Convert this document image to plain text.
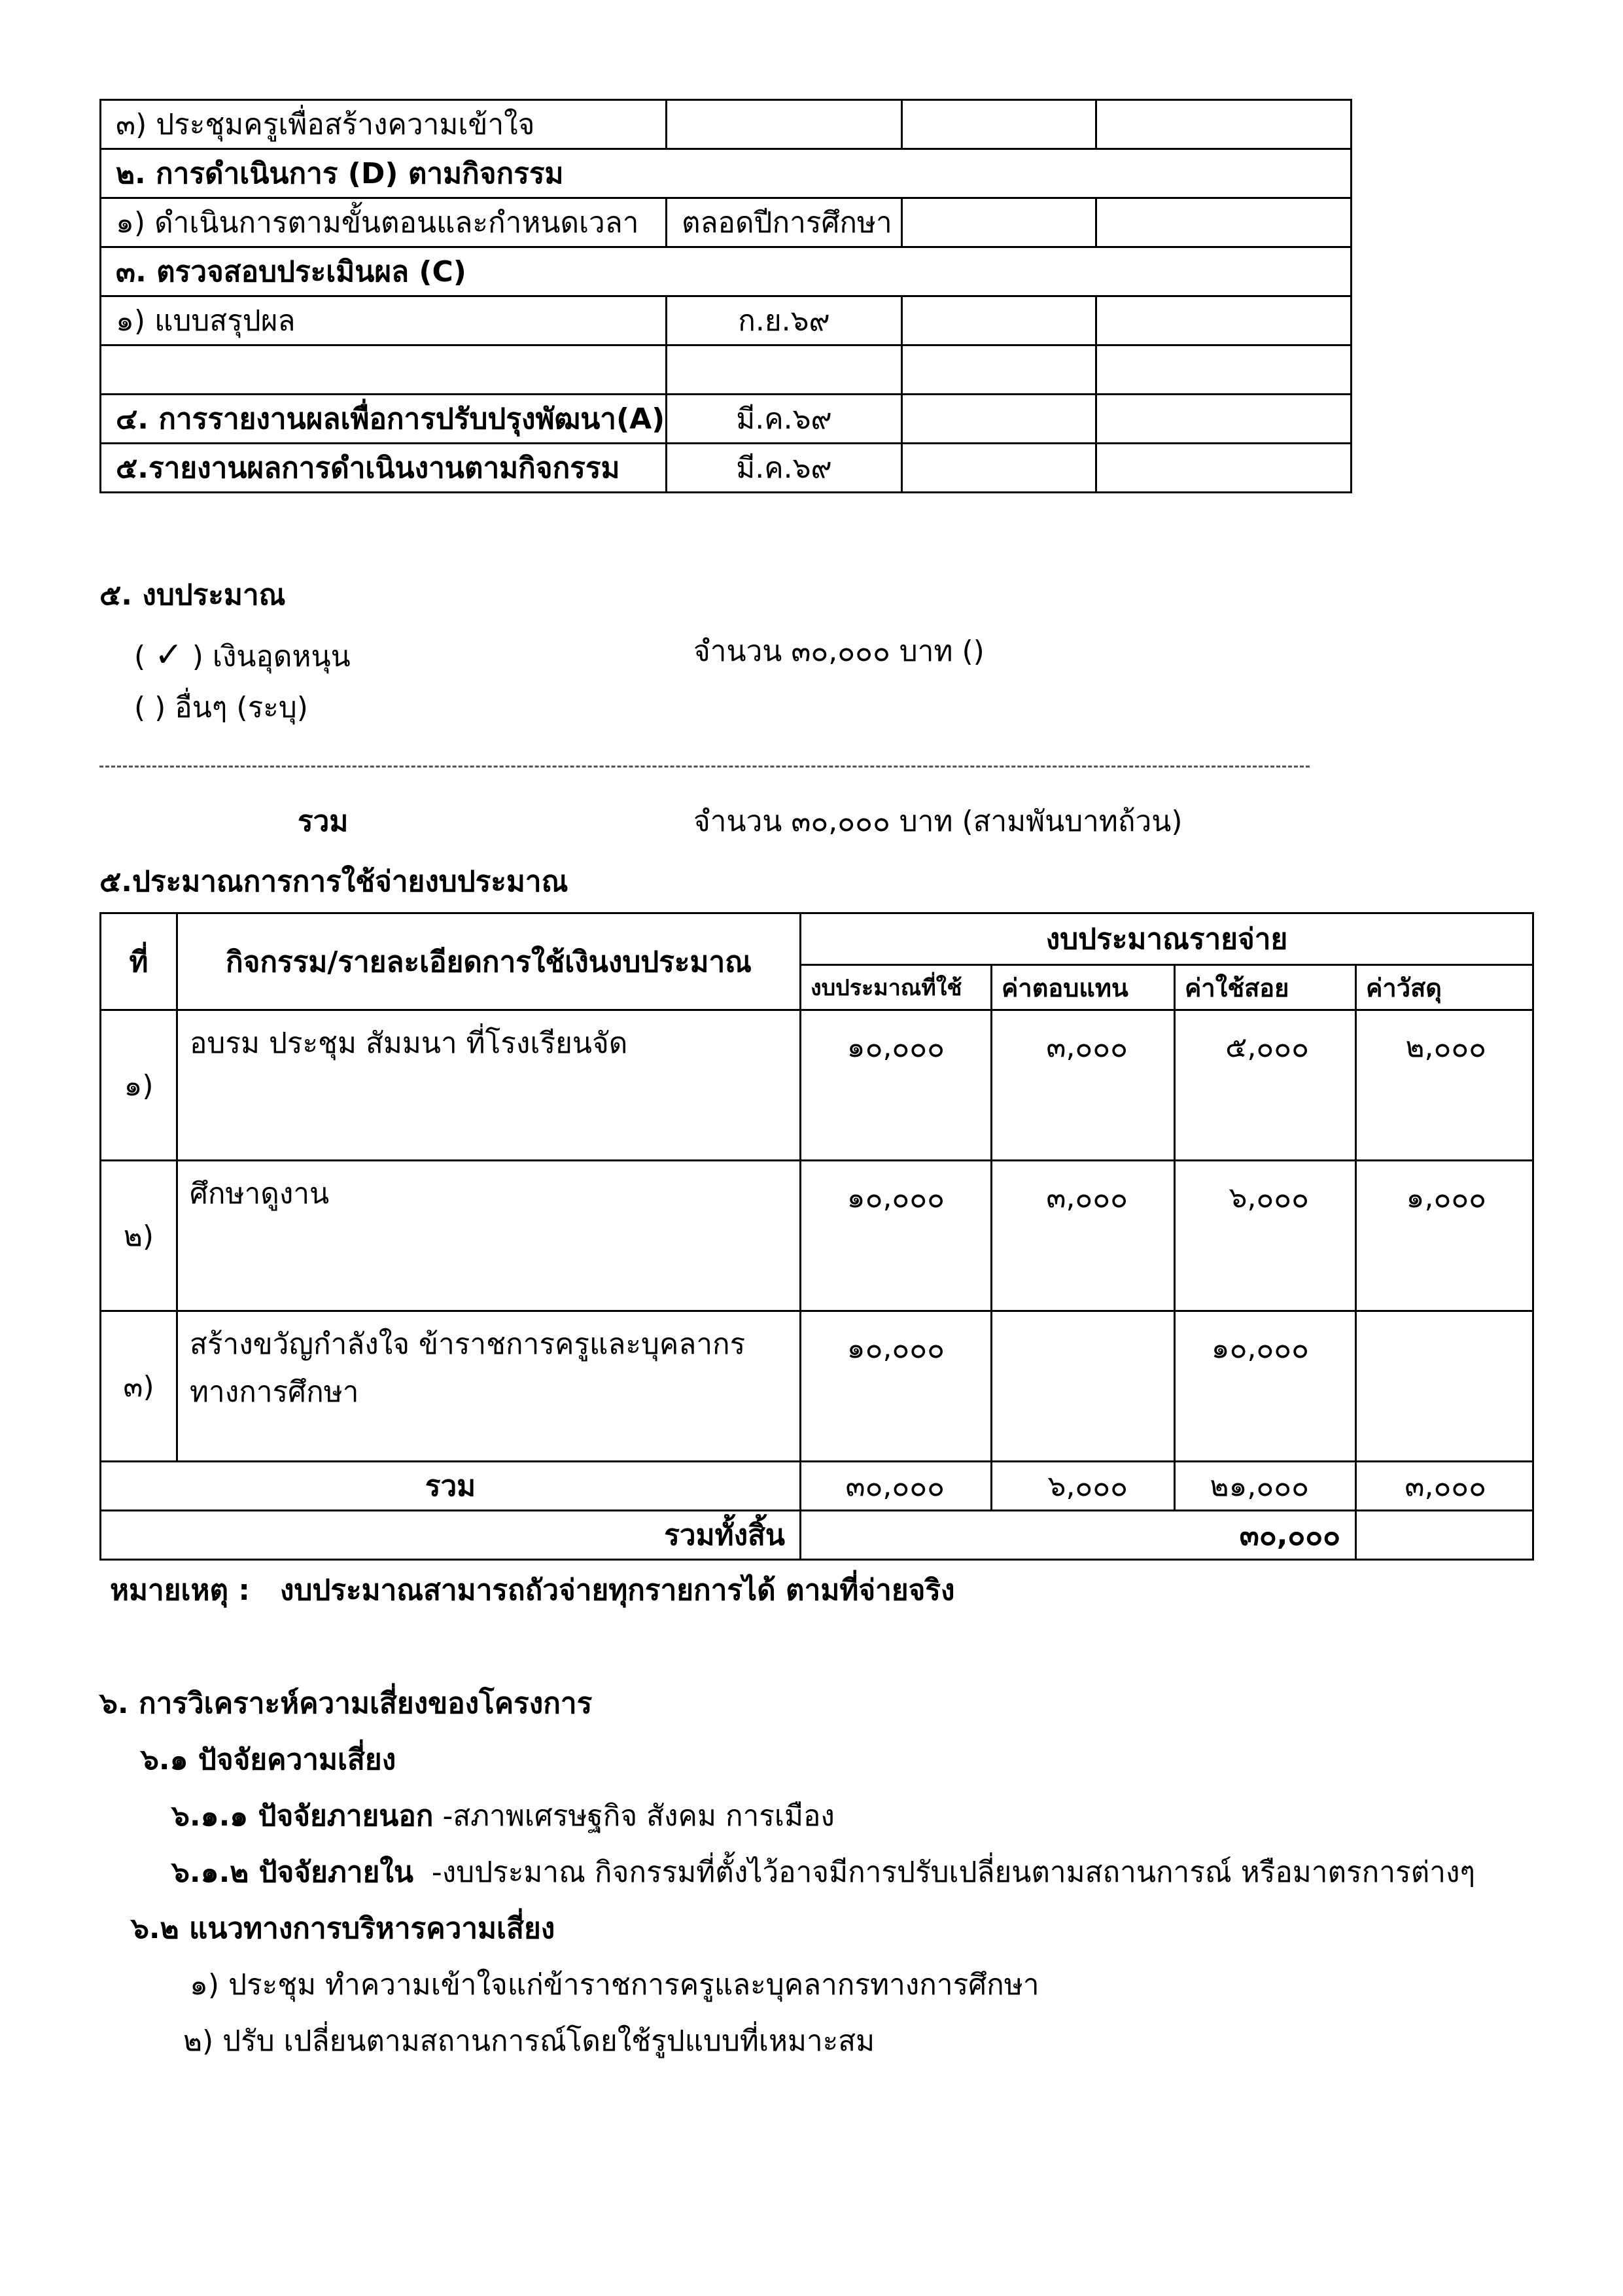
๓) ประชุมครูเพื่อสร้างความเข้าใจ			
๒. การดำเนินการ (D) ตามกิจกรรม			
๑) ดำเนินการตามขั้นตอนและกำหนดเวลา	ตลอดปีการศึกษา		
๓. ตรวจสอบประเมินผล (C)			
๑) แบบสรุปผล	ก.ย.๖๙		

๔. การรายงานผลเพื่อการปรับปรุงพัฒนา(A)	มี.ค.๖๙		
๕.รายงานผลการดำเนินงานตามกิจกรรม	มี.ค.๖๙		
๕. งบประมาณ
( ✓ ) เงินอุดหนุน	จำนวน ๓๐,๐๐๐ บาท ()
( ) อื่นๆ (ระบุ)
รวม	จำนวน ๓๐,๐๐๐ บาท (สามพันบาทถ้วน)
๕.ประมาณการการใช้จ่ายงบประมาณ
ที่	กิจกรรม/รายละเอียดการใช้เงินงบประมาณ	งบประมาณรายจ่าย			
		งบประมาณที่ใช้	ค่าตอบแทน	ค่าใช้สอย	ค่าวัสดุ
๑)	อบรม ประชุม สัมมนา ที่โรงเรียนจัด	๑๐,๐๐๐	๓,๐๐๐	๕,๐๐๐	๒,๐๐๐
๒)	ศึกษาดูงาน	๑๐,๐๐๐	๓,๐๐๐	๖,๐๐๐	๑,๐๐๐
๓)	สร้างขวัญกำลังใจ ข้าราชการครูและบุคลากรทางการศึกษา	๑๐,๐๐๐		๑๐,๐๐๐	
รวม		๓๐,๐๐๐	๖,๐๐๐	๒๑,๐๐๐	๓,๐๐๐
รวมทั้งสิ้น		๓๐,๐๐๐			
หมายเหตุ :   งบประมาณสามารถถัวจ่ายทุกรายการได้ ตามที่จ่ายจริง
๖. การวิเคราะห์ความเสี่ยงของโครงการ
๖.๑ ปัจจัยความเสี่ยง
๖.๑.๑ ปัจจัยภายนอก -สภาพเศรษฐกิจ สังคม การเมือง
๖.๑.๒ ปัจจัยภายใน  -งบประมาณ กิจกรรมที่ตั้งไว้อาจมีการปรับเปลี่ยนตามสถานการณ์ หรือมาตรการต่างๆ
๖.๒ แนวทางการบริหารความเสี่ยง
๑) ประชุม ทำความเข้าใจแก่ข้าราชการครูและบุคลากรทางการศึกษา
๒) ปรับ เปลี่ยนตามสถานการณ์โดยใช้รูปแบบที่เหมาะสม
